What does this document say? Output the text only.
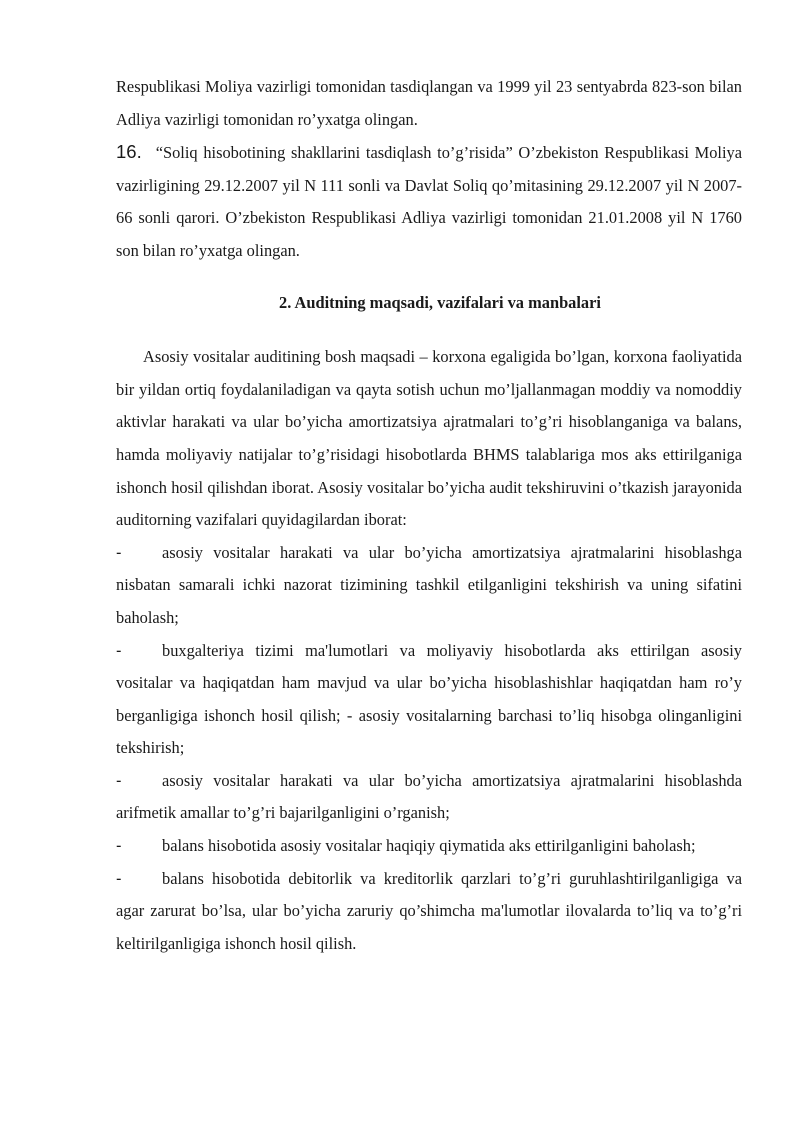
Respublikasi Moliya vazirligi tomonidan tasdiqlangan va 1999 yil 23 sentyabrda 823-son bilan Adliya vazirligi tomonidan ro’yxatga olingan.

16. “Soliq hisobotining shakllarini tasdiqlash to’g’risida” O’zbekiston Respublikasi Moliya vazirligining 29.12.2007 yil N 111 sonli va Davlat Soliq qo’mitasining 29.12.2007 yil N 2007-66 sonli qarori. O’zbekiston Respublikasi Adliya vazirligi tomonidan 21.01.2008 yil N 1760 son bilan ro’yxatga olingan.

2. Auditning maqsadi, vazifalari va manbalari

Asosiy vositalar auditining bosh maqsadi – korxona egaligida bo’lgan, korxona faoliyatida bir yildan ortiq foydalaniladigan va qayta sotish uchun mo’ljallanmagan moddiy va nomoddiy aktivlar harakati va ular bo’yicha amortizatsiya ajratmalari to’g’ri hisoblanganiga va balans, hamda moliyaviy natijalar to’g’risidagi hisobotlarda BHMS talablariga mos aks ettirilganiga ishonch hosil qilishdan iborat. Asosiy vositalar bo’yicha audit tekshiruvini o’tkazish jarayonida auditorning vazifalari quyidagilardan iborat:

- asosiy vositalar harakati va ular bo’yicha amortizatsiya ajratmalarini hisoblashga nisbatan samarali ichki nazorat tizimining tashkil etilganligini tekshirish va uning sifatini baholash;

- buxgalteriya tizimi ma'lumotlari va moliyaviy hisobotlarda aks ettirilgan asosiy vositalar va haqiqatdan ham mavjud va ular bo’yicha hisoblashishlar haqiqatdan ham ro’y berganligiga ishonch hosil qilish; - asosiy vositalarning barchasi to’liq hisobga olinganligini tekshirish;

- asosiy vositalar harakati va ular bo’yicha amortizatsiya ajratmalarini hisoblashda arifmetik amallar to’g’ri bajarilganligini o’rganish;

- balans hisobotida asosiy vositalar haqiqiy qiymatida aks ettirilganligini baholash;

- balans hisobotida debitorlik va kreditorlik qarzlari to’g’ri guruhlashtirilganligiga va agar zarurat bo’lsa, ular bo’yicha zaruriy qo’shimcha ma'lumotlar ilovalarda to’liq va to’g’ri keltirilganligiga ishonch hosil qilish.
